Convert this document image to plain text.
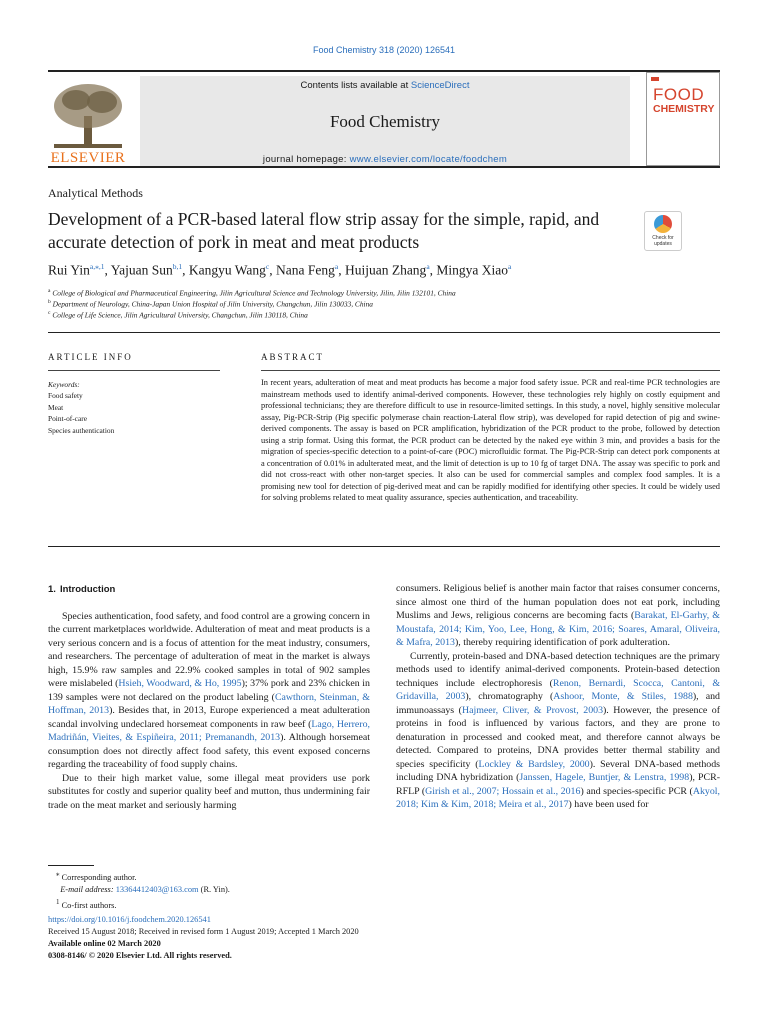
Food Chemistry 318 (2020) 126541
ELSEVIER
Contents lists available at ScienceDirect
Food Chemistry
journal homepage: www.elsevier.com/locate/foodchem
FOOD
CHEMISTRY
Analytical Methods
Development of a PCR-based lateral flow strip assay for the simple, rapid, and accurate detection of pork in meat and meat products	Check for
updates
Rui Yin$^{a,⁎,1}$, Yajuan Sun$^{b,1}$, Kangyu Wang$^c$, Nana Feng$^a$, Huijuan Zhang$^a$, Mingya Xiao$^a$
$^a$ College of Biological and Pharmaceutical Engineering, Jilin Agricultural Science and Technology University, Jilin, Jilin 132101, China
$^b$ Department of Neurology, China-Japan Union Hospital of Jilin University, Changchun, Jilin 130033, China
$^c$ College of Life Science, Jilin Agricultural University, Changchun, Jilin 130118, China
ARTICLE INFO	ABSTRACT
Keywords:
Food safety
Meat
Point-of-care
Species authentication
In recent years, adulteration of meat and meat products has become a major food safety issue. PCR and real-time PCR technologies are mainstream methods used to identify animal-derived components. However, these technologies rely highly on costly equipment and professional technicians; they are therefore difficult to use in resource-limited settings. In this study, a novel, highly sensitive molecular assay, Pig-PCR-Strip (Pig specific polymerase chain reaction-Lateral flow strip), was developed for rapid detection of pig and swine-derived components. The assay is based on PCR amplification, hybridization of the PCR product to the probe, followed by detection using a strip format. Using this format, the PCR product can be detected by the naked eye within 3 min, and provides a basis for the migration of species-specific detection to a point-of-care (POC) microfluidic format. The Pig-PCR-Strip can detect pork components at a concentration of 0.01% in adulterated meat, and the limit of detection is up to 10 fg of target DNA. The assay was specific to pork and did not cross-react with other non-target species. It also can be used for commercial samples and complex food samples. It is a promising new tool for detection of pig-derived meat and can be rapidly modified for identifying other species. It could be widely used for solving problems related to meat quality assurance, species authentication, and traceability.
1. Introduction

Species authentication, food safety, and food control are a growing concern in the current marketplaces worldwide. Adulteration of meat and meat products is a very serious concern and is a focus of attention for the meat industry, consumers, and researchers. The percentage of adulteration of meat in the market is always high, 15.9% raw samples and 22.9% cooked samples in total of 902 samples were mislabeled (Hsieh, Woodward, & Ho, 1995); 37% pork and 23% chicken in 139 samples were not declared on the product labeling (Cawthorn, Steinman, & Hoffman, 2013). Besides that, in 2013, Europe experienced a meat adulteration scandal involving undeclared horsemeat components in raw beef (Lago, Herrero, Madriñán, Vieites, & Espiñeira, 2011; Premanandh, 2013). Although horsemeat consumption does not directly affect food safety, this event exposed concerns regarding the traceability of food supply chains.

Due to their high market value, some illegal meat providers use pork substitutes for costly and superior quality beef and mutton, thus undermining fair trade on the meat market and seriously harming

consumers. Religious belief is another main factor that raises consumer concerns, since almost one third of the human population does not eat pork, including Muslims and Jews, religious concerns are becoming facts (Barakat, El-Garhy, & Moustafa, 2014; Kim, Yoo, Lee, Hong, & Kim, 2016; Soares, Amaral, Oliveira, & Mafra, 2013), thereby requiring identification of pork adulteration.

Currently, protein-based and DNA-based detection techniques are the primary methods used to identify animal-derived components. Protein-based detection techniques include electrophoresis (Renon, Bernardi, Scocca, Cantoni, & Gridavilla, 2003), chromatography (Ashoor, Monte, & Stiles, 1988), and immunoassays (Hajmeer, Cliver, & Provost, 2003). However, the presence of proteins in food is influenced by various factors, and they are prone to denaturation in processed and cooked meat, and therefore cannot always be detected. Compared to proteins, DNA provides better thermal stability and species specificity (Lockley & Bardsley, 2000). Several DNA-based methods including DNA hybridization (Janssen, Hagele, Buntjer, & Lenstra, 1998), PCR-RFLP (Girish et al., 2007; Hossain et al., 2016) and species-specific PCR (Akyol, 2018; Kim & Kim, 2018; Meira et al., 2017) have been used for

⁎ Corresponding author.
E-mail address: 13364412403@163.com (R. Yin).
$^1$ Co-first authors.
https://doi.org/10.1016/j.foodchem.2020.126541
Received 15 August 2018; Received in revised form 1 August 2019; Accepted 1 March 2020
Available online 02 March 2020
0308-8146/ © 2020 Elsevier Ltd. All rights reserved.
